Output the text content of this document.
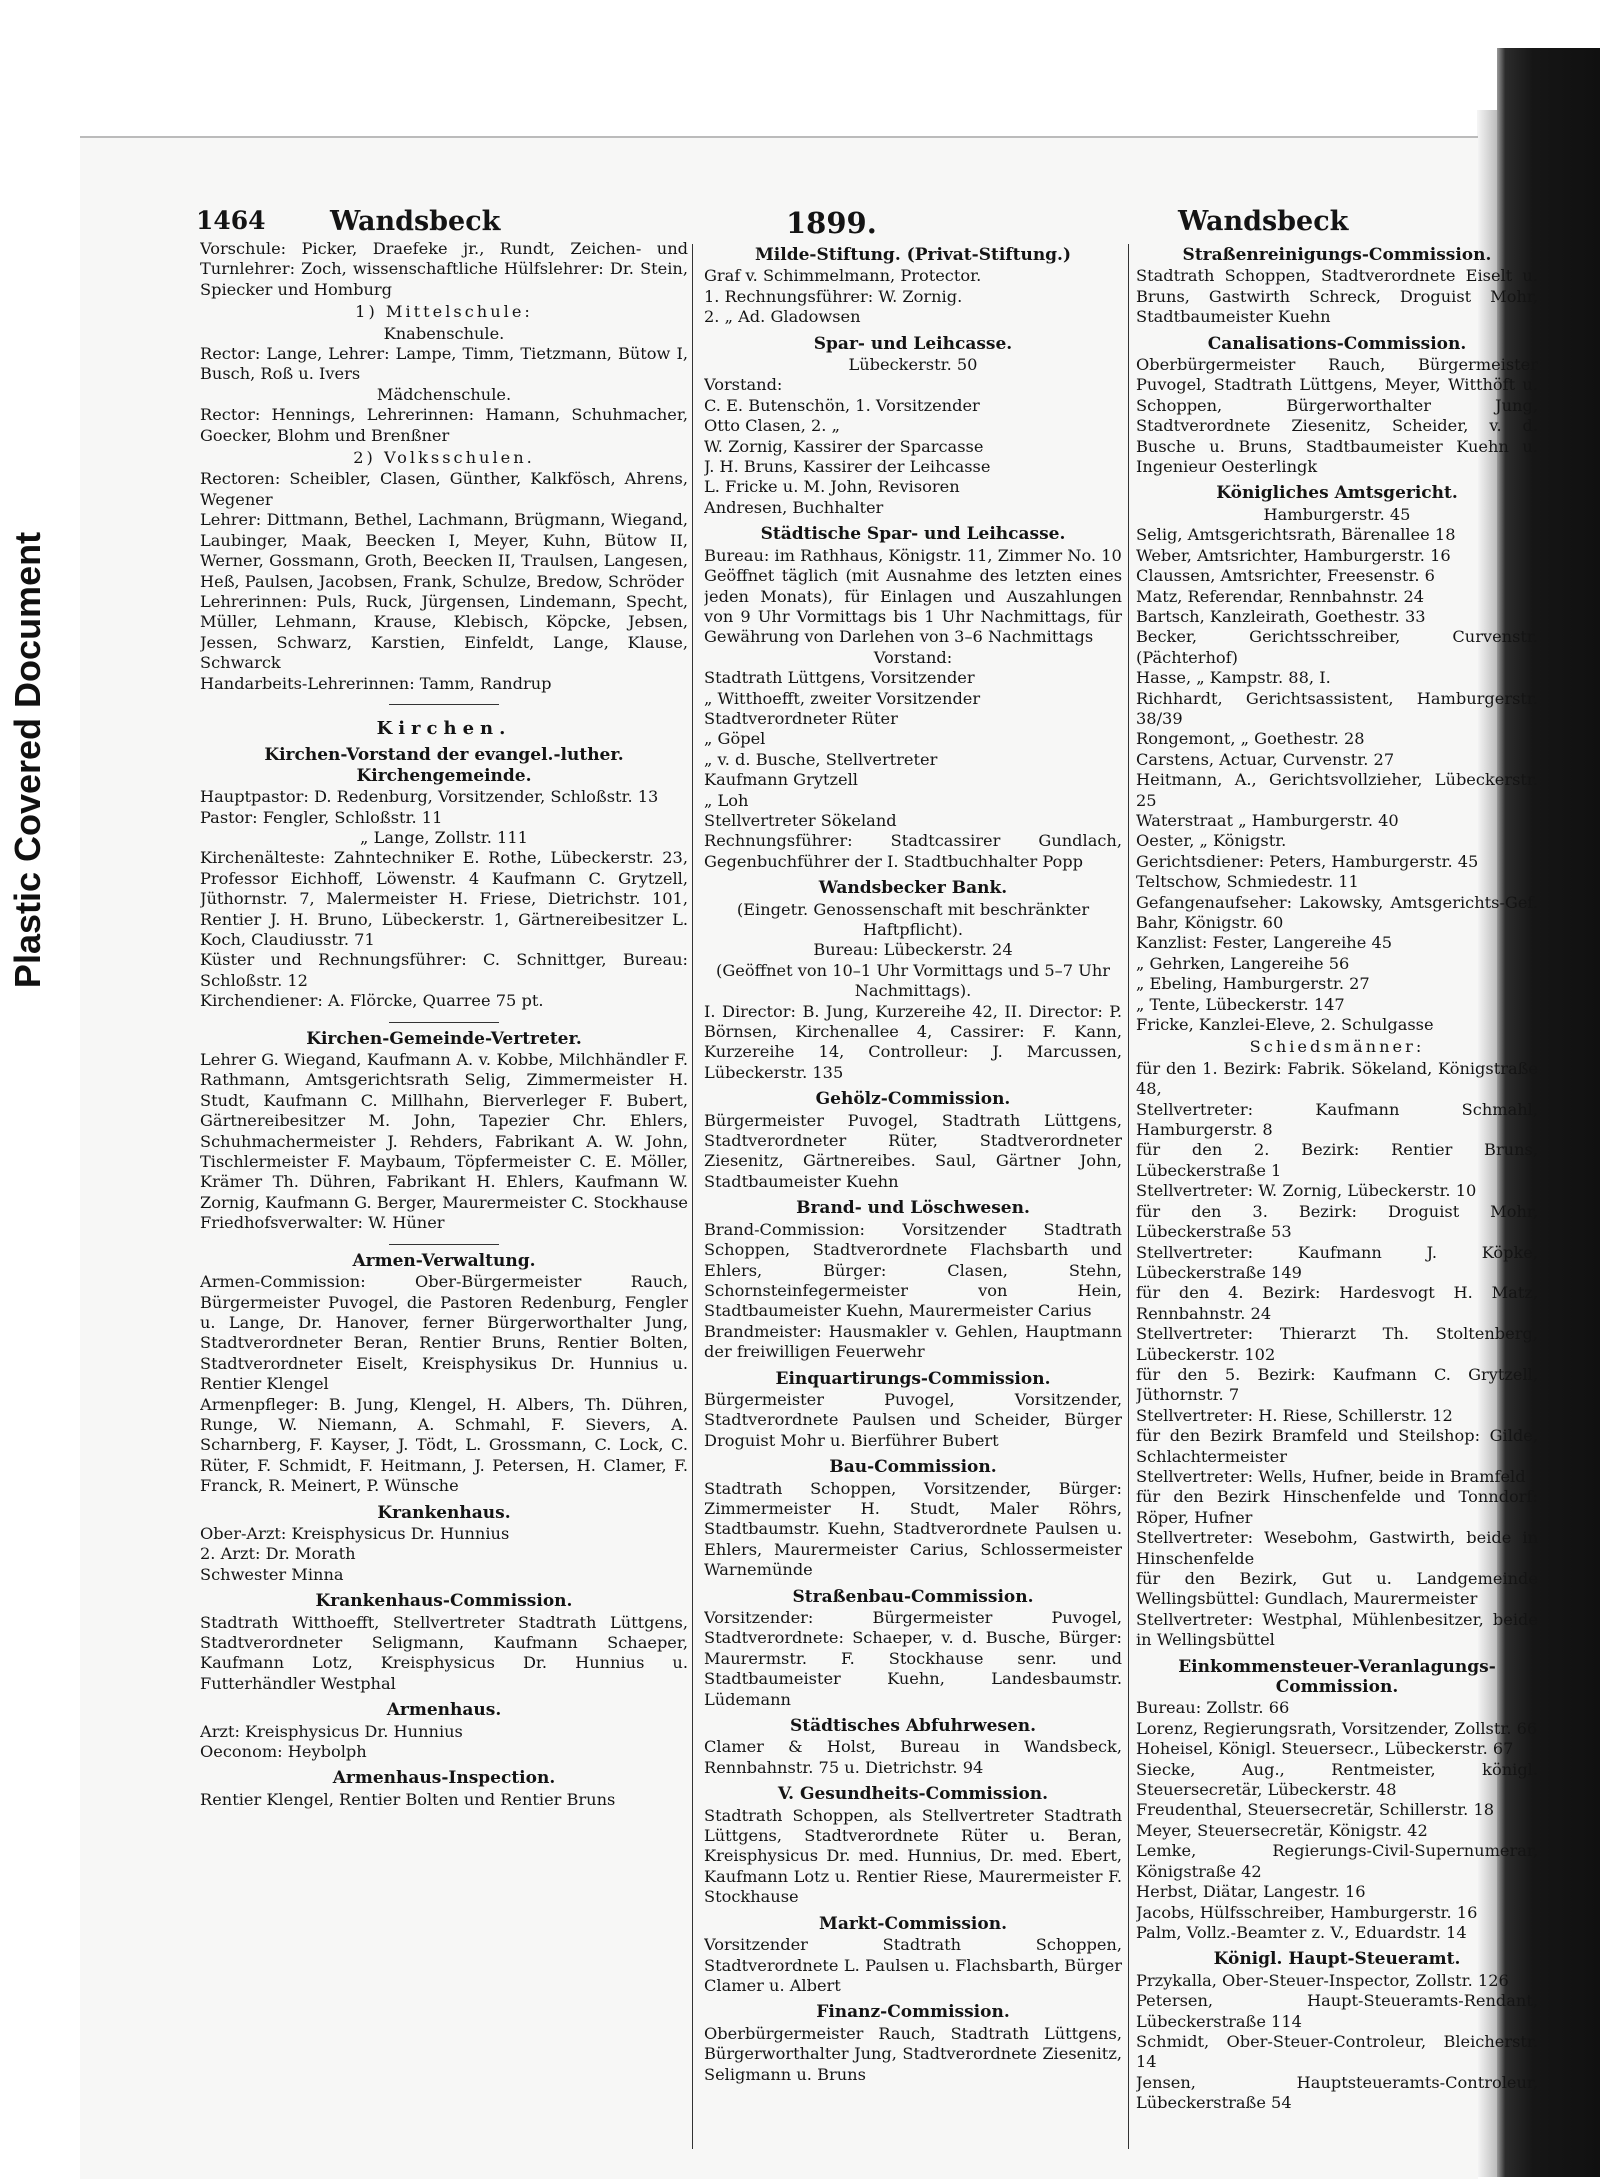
Plastic Covered Document
1464 Wandsbeck	1899.	Wandsbeck

Vorschule: Picker, Draefeke jr., Rundt, Zeichen- und Turnlehrer: Zoch, wissenschaftliche Hülfslehrer: Dr. Stein, Spiecker und Homburg

1) Mittelschule:

Knabenschule.

Rector: Lange, Lehrer: Lampe, Timm, Tietzmann, Bütow I, Busch, Roß u. Ivers

Mädchenschule.

Rector: Hennings, Lehrerinnen: Hamann, Schuhmacher, Goecker, Blohm und Brenßner

2) Volksschulen.

Rectoren: Scheibler, Clasen, Günther, Kalkfösch, Ahrens, Wegener

Lehrer: Dittmann, Bethel, Lachmann, Brügmann, Wiegand, Laubinger, Maak, Beecken I, Meyer, Kuhn, Bütow II, Werner, Gossmann, Groth, Beecken II, Traulsen, Langesen, Heß, Paulsen, Jacobsen, Frank, Schulze, Bredow, Schröder

Lehrerinnen: Puls, Ruck, Jürgensen, Lindemann, Specht, Müller, Lehmann, Krause, Klebisch, Köpcke, Jebsen, Jessen, Schwarz, Karstien, Einfeldt, Lange, Klause, Schwarck

Handarbeits-Lehrerinnen: Tamm, Randrup

Kirchen.

Kirchen-Vorstand der evangel.-luther. Kirchengemeinde.

Hauptpastor: D. Redenburg, Vorsitzender, Schloßstr. 13

Pastor: Fengler, Schloßstr. 11

„ Lange, Zollstr. 111

Kirchenälteste: Zahntechniker E. Rothe, Lübeckerstr. 23, Professor Eichhoff, Löwenstr. 4 Kaufmann C. Grytzell, Jüthornstr. 7, Malermeister H. Friese, Dietrichstr. 101, Rentier J. H. Bruno, Lübeckerstr. 1, Gärtnereibesitzer L. Koch, Claudiusstr. 71

Küster und Rechnungsführer: C. Schnittger, Bureau: Schloßstr. 12

Kirchendiener: A. Flörcke, Quarree 75 pt.

Kirchen-Gemeinde-Vertreter.

Lehrer G. Wiegand, Kaufmann A. v. Kobbe, Milchhändler F. Rathmann, Amtsgerichtsrath Selig, Zimmermeister H. Studt, Kaufmann C. Millhahn, Bierverleger F. Bubert, Gärtnereibesitzer M. John, Tapezier Chr. Ehlers, Schuhmachermeister J. Rehders, Fabrikant A. W. John, Tischlermeister F. Maybaum, Töpfermeister C. E. Möller, Krämer Th. Dühren, Fabrikant H. Ehlers, Kaufmann W. Zornig, Kaufmann G. Berger, Maurermeister C. Stockhause

Friedhofsverwalter: W. Hüner

Armen-Verwaltung.

Armen-Commission: Ober-Bürgermeister Rauch, Bürgermeister Puvogel, die Pastoren Redenburg, Fengler u. Lange, Dr. Hanover, ferner Bürgerworthalter Jung, Stadtverordneter Beran, Rentier Bruns, Rentier Bolten, Stadtverordneter Eiselt, Kreisphysikus Dr. Hunnius u. Rentier Klengel

Armenpfleger: B. Jung, Klengel, H. Albers, Th. Dühren, Runge, W. Niemann, A. Schmahl, F. Sievers, A. Scharnberg, F. Kayser, J. Tödt, L. Grossmann, C. Lock, C. Rüter, F. Schmidt, F. Heitmann, J. Petersen, H. Clamer, F. Franck, R. Meinert, P. Wünsche

Krankenhaus.

Ober-Arzt: Kreisphysicus Dr. Hunnius

2. Arzt: Dr. Morath

Schwester Minna

Krankenhaus-Commission.

Stadtrath Witthoefft, Stellvertreter Stadtrath Lüttgens, Stadtverordneter Seligmann, Kaufmann Schaeper, Kaufmann Lotz, Kreisphysicus Dr. Hunnius u. Futterhändler Westphal

Armenhaus.

Arzt: Kreisphysicus Dr. Hunnius

Oeconom: Heybolph

Armenhaus-Inspection.

Rentier Klengel, Rentier Bolten und Rentier Bruns

Milde-Stiftung. (Privat-Stiftung.)

Graf v. Schimmelmann, Protector.

1. Rechnungsführer: W. Zornig.

2. „ Ad. Gladowsen

Spar- und Leihcasse.

Lübeckerstr. 50

Vorstand:

C. E. Butenschön, 1. Vorsitzender

Otto Clasen, 2. „

W. Zornig, Kassirer der Sparcasse

J. H. Bruns, Kassirer der Leihcasse

L. Fricke u. M. John, Revisoren

Andresen, Buchhalter

Städtische Spar- und Leihcasse.

Bureau: im Rathhaus, Königstr. 11, Zimmer No. 10

Geöffnet täglich (mit Ausnahme des letzten eines jeden Monats), für Einlagen und Auszahlungen von 9 Uhr Vormittags bis 1 Uhr Nachmittags, für Gewährung von Darlehen von 3–6 Nachmittags

Vorstand:

Stadtrath Lüttgens, Vorsitzender

„ Witthoefft, zweiter Vorsitzender

Stadtverordneter Rüter

„ Göpel

„ v. d. Busche, Stellvertreter

Kaufmann Grytzell

„ Loh

Stellvertreter Sökeland

Rechnungsführer: Stadtcassirer Gundlach, Gegenbuchführer der I. Stadtbuchhalter Popp

Wandsbecker Bank.

(Eingetr. Genossenschaft mit beschränkter Haftpflicht).

Bureau: Lübeckerstr. 24

(Geöffnet von 10–1 Uhr Vormittags und 5–7 Uhr Nachmittags).

I. Director: B. Jung, Kurzereihe 42, II. Director: P. Börnsen, Kirchenallee 4, Cassirer: F. Kann, Kurzereihe 14, Controlleur: J. Marcussen, Lübeckerstr. 135

Gehölz-Commission.

Bürgermeister Puvogel, Stadtrath Lüttgens, Stadtverordneter Rüter, Stadtverordneter Ziesenitz, Gärtnereibes. Saul, Gärtner John, Stadtbaumeister Kuehn

Brand- und Löschwesen.

Brand-Commission: Vorsitzender Stadtrath Schoppen, Stadtverordnete Flachsbarth und Ehlers, Bürger: Clasen, Stehn, Schornsteinfegermeister von Hein, Stadtbaumeister Kuehn, Maurermeister Carius

Brandmeister: Hausmakler v. Gehlen, Hauptmann der freiwilligen Feuerwehr

Einquartirungs-Commission.

Bürgermeister Puvogel, Vorsitzender, Stadtverordnete Paulsen und Scheider, Bürger Droguist Mohr u. Bierführer Bubert

Bau-Commission.

Stadtrath Schoppen, Vorsitzender, Bürger: Zimmermeister H. Studt, Maler Röhrs, Stadtbaumstr. Kuehn, Stadtverordnete Paulsen u. Ehlers, Maurermeister Carius, Schlossermeister Warnemünde

Straßenbau-Commission.

Vorsitzender: Bürgermeister Puvogel, Stadtverordnete: Schaeper, v. d. Busche, Bürger: Maurermstr. F. Stockhause senr. und Stadtbaumeister Kuehn, Landesbaumstr. Lüdemann

Städtisches Abfuhrwesen.

Clamer & Holst, Bureau in Wandsbeck, Rennbahnstr. 75 u. Dietrichstr. 94

V. Gesundheits-Commission.

Stadtrath Schoppen, als Stellvertreter Stadtrath Lüttgens, Stadtverordnete Rüter u. Beran, Kreisphysicus Dr. med. Hunnius, Dr. med. Ebert, Kaufmann Lotz u. Rentier Riese, Maurermeister F. Stockhause

Markt-Commission.

Vorsitzender Stadtrath Schoppen, Stadtverordnete L. Paulsen u. Flachsbarth, Bürger Clamer u. Albert

Finanz-Commission.

Oberbürgermeister Rauch, Stadtrath Lüttgens, Bürgerworthalter Jung, Stadtverordnete Ziesenitz, Seligmann u. Bruns

Straßenreinigungs-Commission.

Stadtrath Schoppen, Stadtverordnete Eiselt u. Bruns, Gastwirth Schreck, Droguist Mohr, Stadtbaumeister Kuehn

Canalisations-Commission.

Oberbürgermeister Rauch, Bürgermeister Puvogel, Stadtrath Lüttgens, Meyer, Witthöft u. Schoppen, Bürgerworthalter Jung, Stadtverordnete Ziesenitz, Scheider, v. d. Busche u. Bruns, Stadtbaumeister Kuehn u. Ingenieur Oesterlingk

Königliches Amtsgericht.

Hamburgerstr. 45

Selig, Amtsgerichtsrath, Bärenallee 18

Weber, Amtsrichter, Hamburgerstr. 16

Claussen, Amtsrichter, Freesenstr. 6

Matz, Referendar, Rennbahnstr. 24

Bartsch, Kanzleirath, Goethestr. 33

Becker, Gerichtsschreiber, Curvenstr. (Pächterhof)

Hasse, „ Kampstr. 88, I.

Richhardt, Gerichtsassistent, Hamburgerstr. 38/39

Rongemont, „ Goethestr. 28

Carstens, Actuar, Curvenstr. 27

Heitmann, A., Gerichtsvollzieher, Lübeckerstr. 25

Waterstraat „ Hamburgerstr. 40

Oester, „ Königstr.

Gerichtsdiener: Peters, Hamburgerstr. 45

Teltschow, Schmiedestr. 11

Gefangenaufseher: Lakowsky, Amtsgerichts-Gef. Bahr, Königstr. 60

Kanzlist: Fester, Langereihe 45

„ Gehrken, Langereihe 56

„ Ebeling, Hamburgerstr. 27

„ Tente, Lübeckerstr. 147

Fricke, Kanzlei-Eleve, 2. Schulgasse

Schiedsmänner:

für den 1. Bezirk: Fabrik. Sökeland, Königstraße 48,

Stellvertreter: Kaufmann Schmahl, Hamburgerstr. 8

für den 2. Bezirk: Rentier Bruns, Lübeckerstraße 1

Stellvertreter: W. Zornig, Lübeckerstr. 10

für den 3. Bezirk: Droguist Mohr, Lübeckerstraße 53

Stellvertreter: Kaufmann J. Köpke, Lübeckerstraße 149

für den 4. Bezirk: Hardesvogt H. Matz, Rennbahnstr. 24

Stellvertreter: Thierarzt Th. Stoltenberg, Lübeckerstr. 102

für den 5. Bezirk: Kaufmann C. Grytzell, Jüthornstr. 7

Stellvertreter: H. Riese, Schillerstr. 12

für den Bezirk Bramfeld und Steilshop: Gilde, Schlachtermeister

Stellvertreter: Wells, Hufner, beide in Bramfeld

für den Bezirk Hinschenfelde und Tonndorf: Röper, Hufner

Stellvertreter: Wesebohm, Gastwirth, beide in Hinschenfelde

für den Bezirk, Gut u. Landgemeinde Wellingsbüttel: Gundlach, Maurermeister

Stellvertreter: Westphal, Mühlenbesitzer, beide in Wellingsbüttel

Einkommensteuer-Veranlagungs-Commission.

Bureau: Zollstr. 66

Lorenz, Regierungsrath, Vorsitzender, Zollstr. 66

Hoheisel, Königl. Steuersecr., Lübeckerstr. 67

Siecke, Aug., Rentmeister, königl. Steuersecretär, Lübeckerstr. 48

Freudenthal, Steuersecretär, Schillerstr. 18

Meyer, Steuersecretär, Königstr. 42

Lemke, Regierungs-Civil-Supernumerar, Königstraße 42

Herbst, Diätar, Langestr. 16

Jacobs, Hülfsschreiber, Hamburgerstr. 16

Palm, Vollz.-Beamter z. V., Eduardstr. 14

Königl. Haupt-Steueramt.

Przykalla, Ober-Steuer-Inspector, Zollstr. 126

Petersen, Haupt-Steueramts-Rendant, Lübeckerstraße 114

Schmidt, Ober-Steuer-Controleur, Bleicherstr. 14

Jensen, Hauptsteueramts-Controleur, Lübeckerstraße 54
